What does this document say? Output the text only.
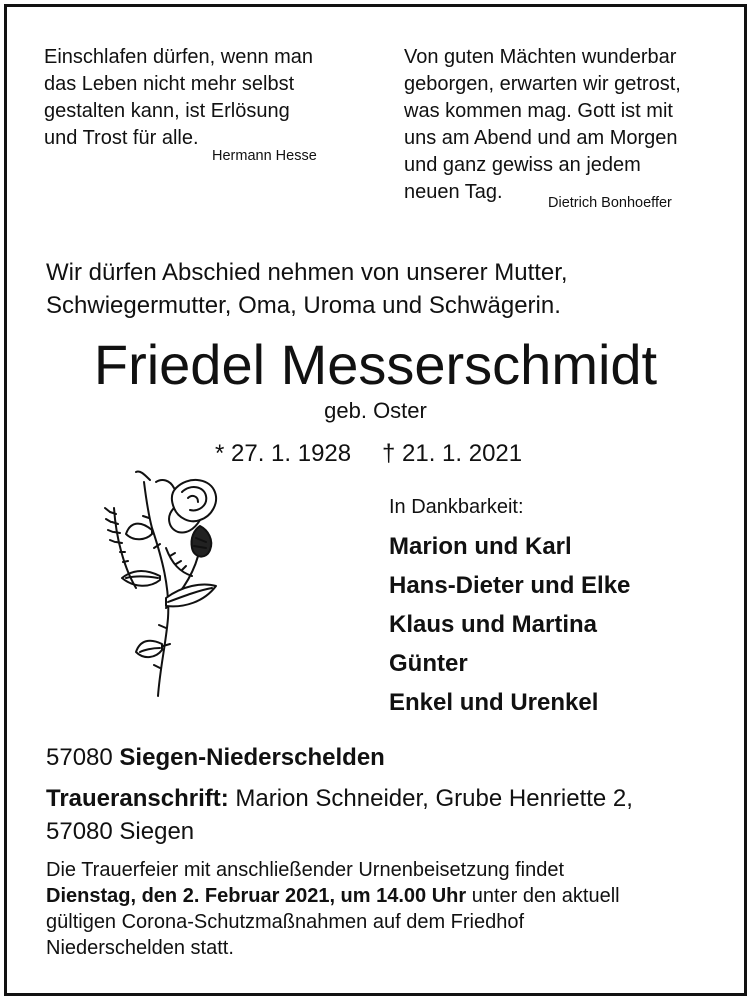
Einschlafen dürfen, wenn man
das Leben nicht mehr selbst
gestalten kann, ist Erlösung
und Trost für alle.
Hermann Hesse
Von guten Mächten wunderbar
geborgen, erwarten wir getrost,
was kommen mag. Gott ist mit
uns am Abend und am Morgen
und ganz gewiss an jedem
neuen Tag.	Dietrich Bonhoeffer
Wir dürfen Abschied nehmen von unserer Mutter,
Schwiegermutter, Oma, Uroma und Schwägerin.
Friedel Messerschmidt
geb. Oster
* 27. 1. 1928 † 21. 1. 2021
In Dankbarkeit:
Marion und Karl
Hans-Dieter und Elke
Klaus und Martina
Günter
Enkel und Urenkel
57080 Siegen-Niederschelden
Traueranschrift: Marion Schneider, Grube Henriette 2,
57080 Siegen
Die Trauerfeier mit anschließender Urnenbeisetzung findet
Dienstag, den 2. Februar 2021, um 14.00 Uhr unter den aktuell
gültigen Corona-Schutzmaßnahmen auf dem Friedhof
Niederschelden statt.
